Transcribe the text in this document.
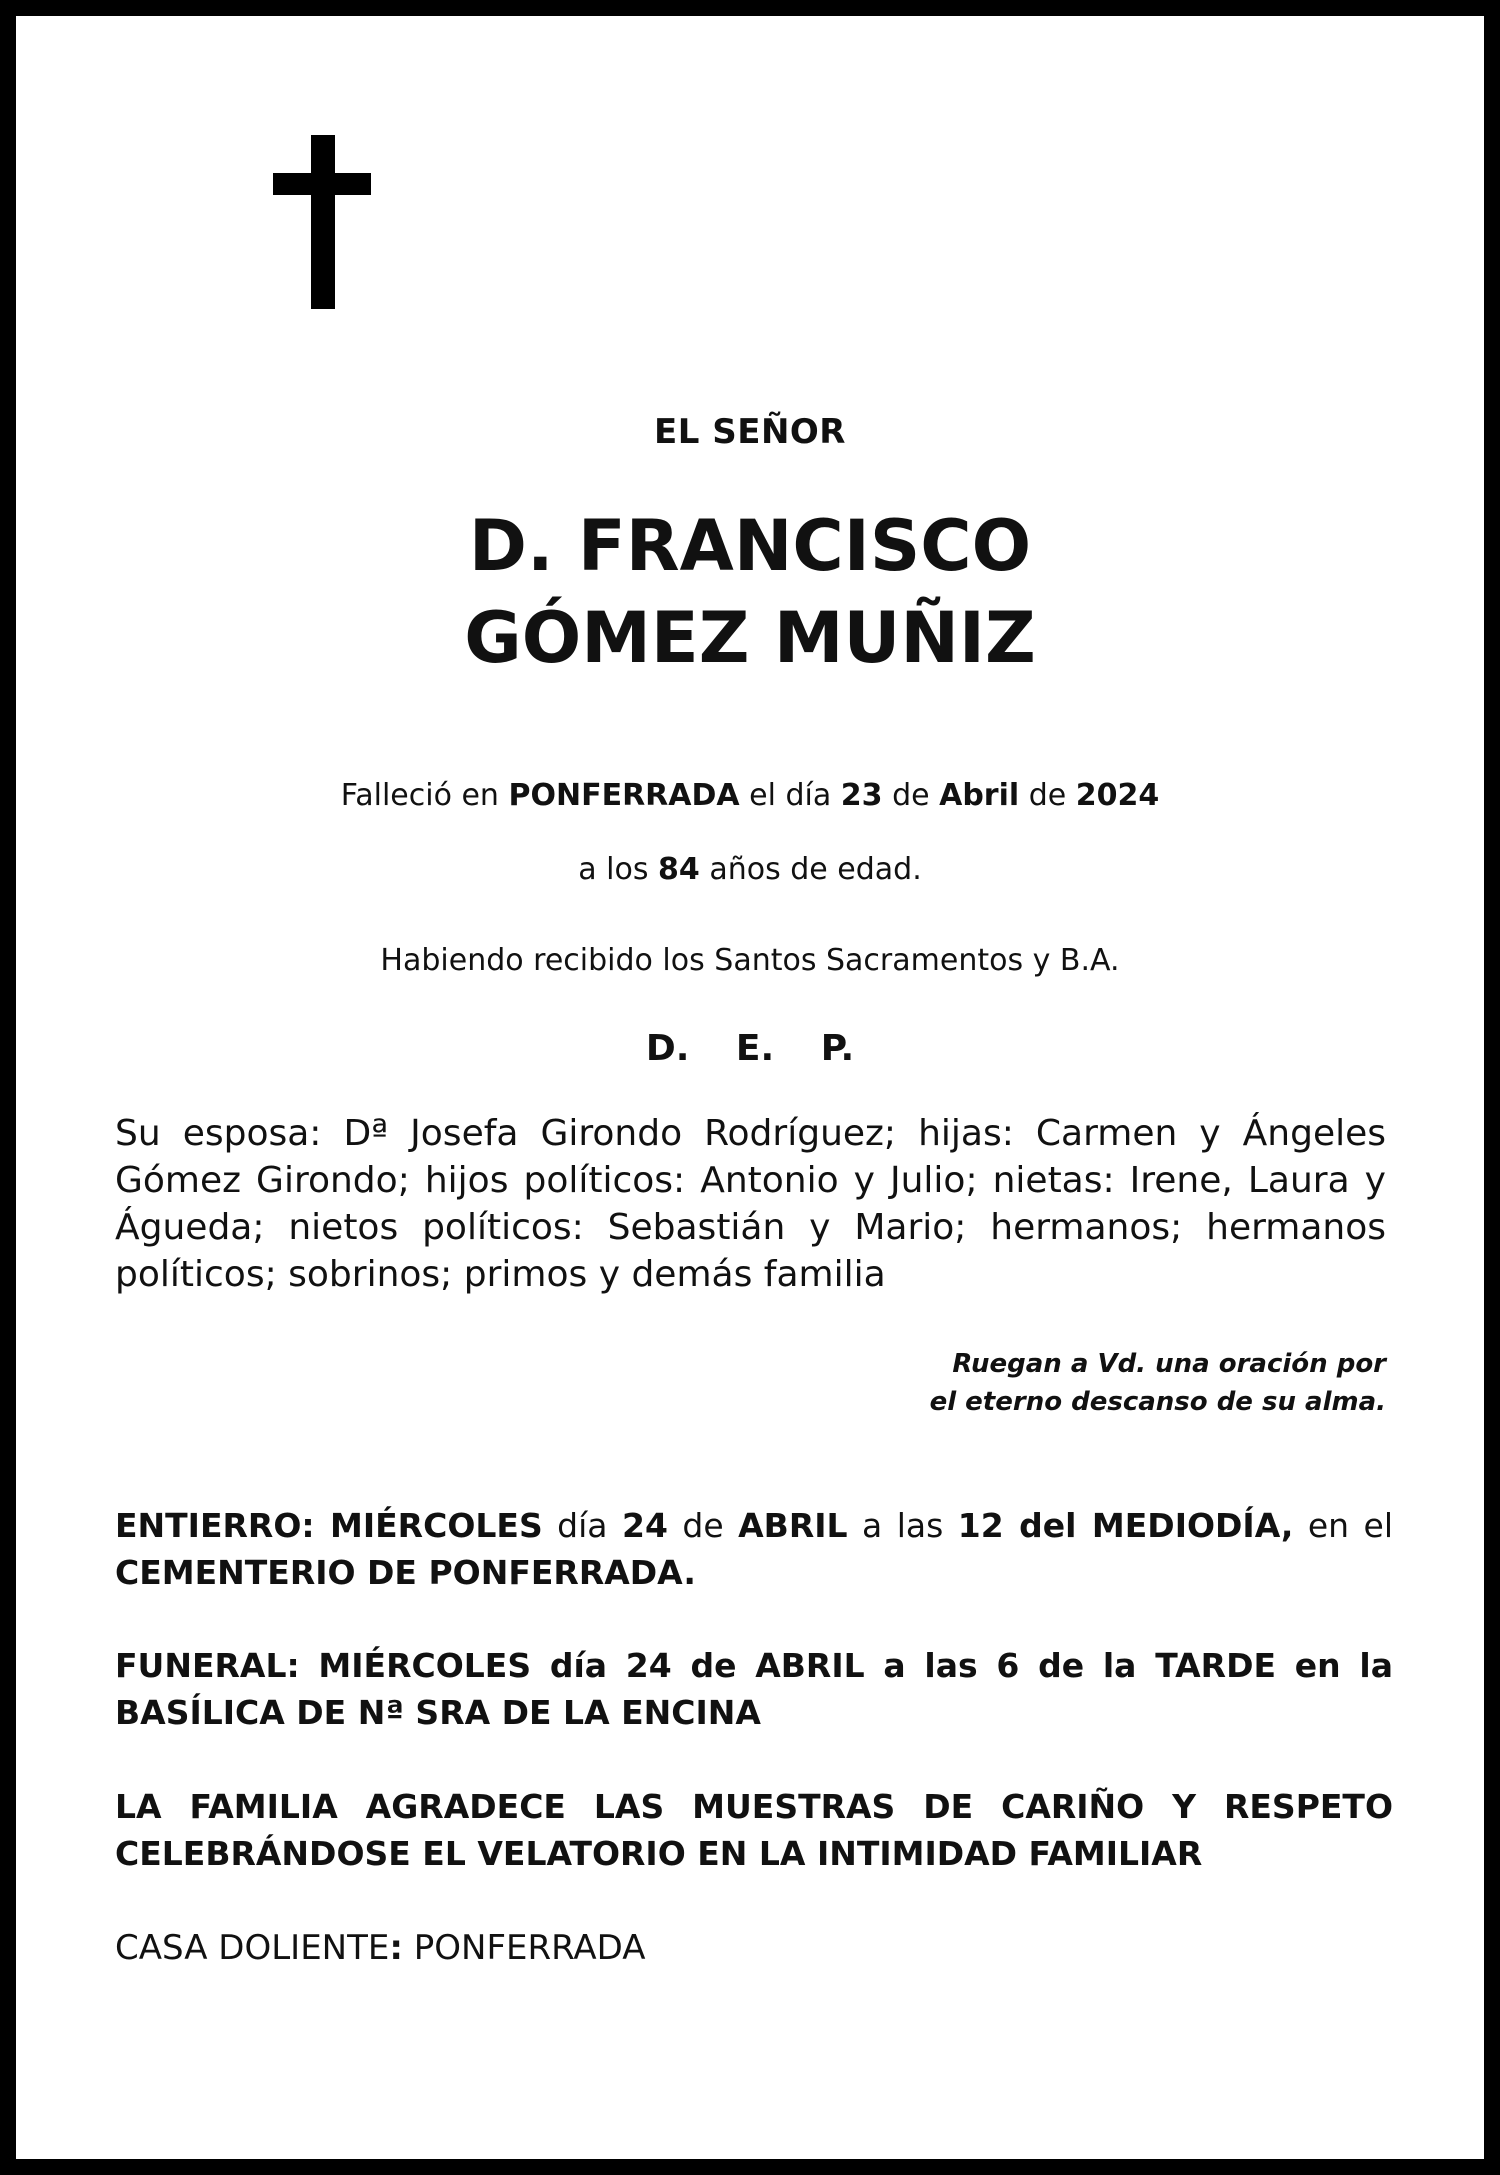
EL SEÑOR
D. FRANCISCO
GÓMEZ MUÑIZ
Falleció en PONFERRADA el día 23 de Abril de 2024
a los 84 años de edad.
Habiendo recibido los Santos Sacramentos y B.A.
D. E. P.
Su esposa: Dª Josefa Girondo Rodríguez; hijas: Carmen y Ángeles Gómez Girondo; hijos políticos: Antonio y Julio; nietas: Irene, Laura y Águeda; nietos políticos: Sebastián y Mario; hermanos; hermanos políticos; sobrinos; primos y demás familia
Ruegan a Vd. una oración por
el eterno descanso de su alma.
ENTIERRO: MIÉRCOLES día 24 de ABRIL a las 12 del MEDIODÍA, en el CEMENTERIO DE PONFERRADA.
FUNERAL: MIÉRCOLES día 24 de ABRIL a las 6 de la TARDE en la BASÍLICA DE Nª SRA DE LA ENCINA
LA FAMILIA AGRADECE LAS MUESTRAS DE CARIÑO Y RESPETO CELEBRÁNDOSE EL VELATORIO EN LA INTIMIDAD FAMILIAR
CASA DOLIENTE: PONFERRADA
